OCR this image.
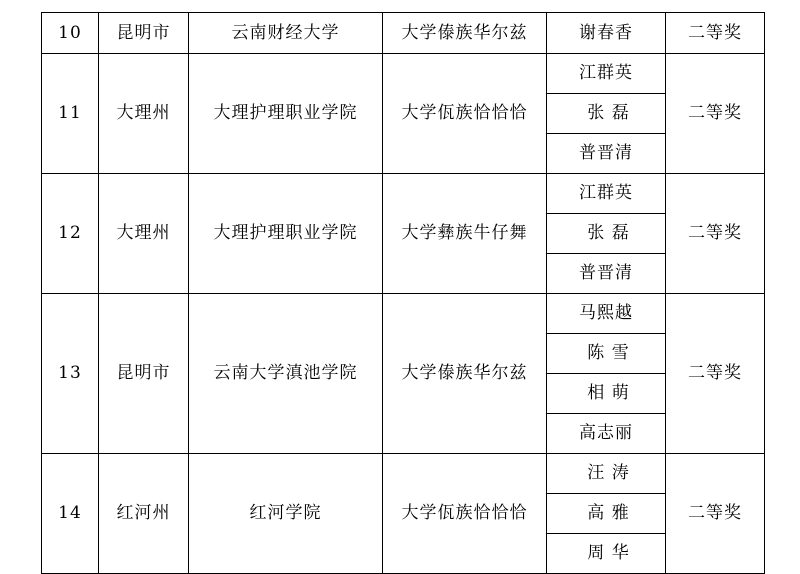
10	昆明市	云南财经大学	大学傣族华尔兹	谢春香	二等奖
11	大理州	大理护理职业学院	大学佤族恰恰恰	江群英	二等奖
				张 磊	
				普晋清	
12	大理州	大理护理职业学院	大学彝族牛仔舞	江群英	二等奖
				张 磊	
				普晋清	
13	昆明市	云南大学滇池学院	大学傣族华尔兹	马熙越	二等奖
				陈 雪	
				相 萌	
				高志丽	
14	红河州	红河学院	大学佤族恰恰恰	汪 涛	二等奖
				高 雅	
				周 华	
